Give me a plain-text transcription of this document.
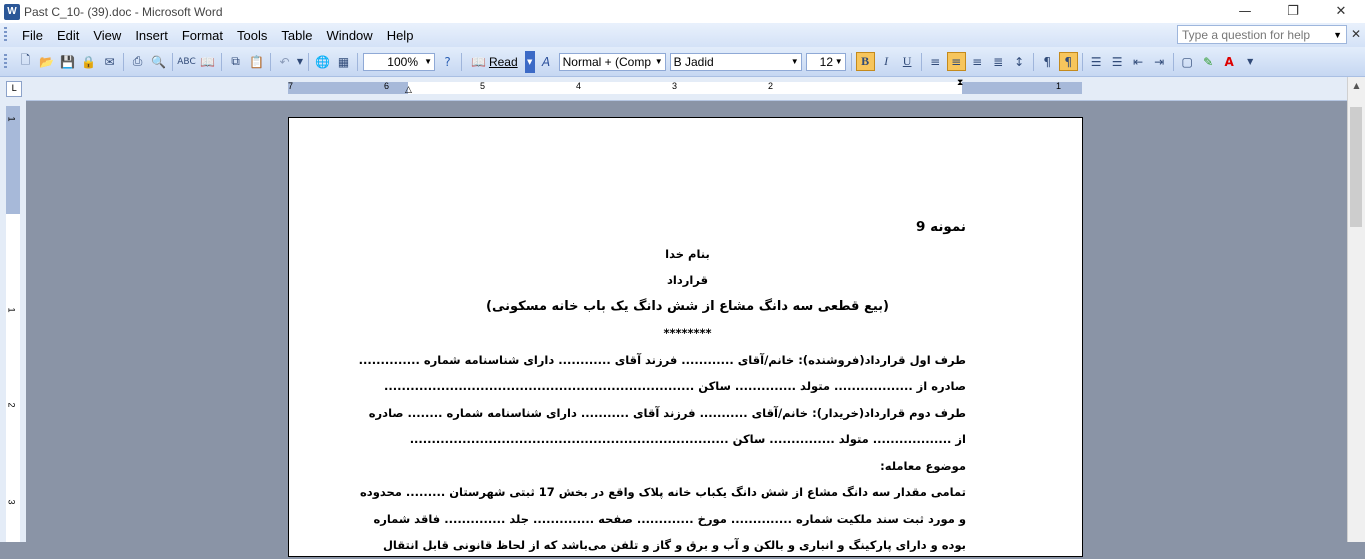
W Past C_10- (39).doc - Microsoft Word	—	❐	✕
File	Edit	View	Insert	Format	Tools	Table	Window	Help	Type a question for help	▼ ✕
🗋 📂 💾 🔒 ✉	⎙ 🔍 ABC 📖	⧉ 📋	↶ ▼ 🌐 ▦	100% ▼	?	📖 Read	▼ A	Normal + (Comp ▼ B Jadid	▼ 12 ▼	B	I	U	≡ ≡ ≡ ≣ ↕	¶	¶	☰ ☰ ⇤ ⇥	▢ ✎ A	▼
L	7	6	5	4	3	2	1
△
⧗
1
1
2
3
▲
نمونه 9
بنام خدا
قرارداد
(بیع قطعی سه دانگ مشاع از شش دانگ یک باب خانه مسکونی)
********
طرف اول قرارداد(فروشنده): خانم/آقای ............ فرزند آقای ............ دارای شناسنامه شماره ..............
صادره از .................. متولد .............. ساکن .......................................................................
طرف دوم قرارداد(خریدار): خانم/آقای ........... فرزند آقای ........... دارای شناسنامه شماره ........ صادره
از .................. متولد ............... ساکن .........................................................................
موضوع معامله:
تمامی مقدار سه دانگ مشاع از شش دانگ یکباب خانه پلاک واقع در بخش 17 ثبتی شهرستان ......... محدوده
و مورد ثبت سند ملکیت شماره .............. مورخ ............. صفحه .............. جلد .............. فاقد شماره
بوده و دارای پارکینگ و انباری و بالکن و آب و برق و گاز و تلفن می‌باشد که از لحاظ قانونی قابل انتقال
